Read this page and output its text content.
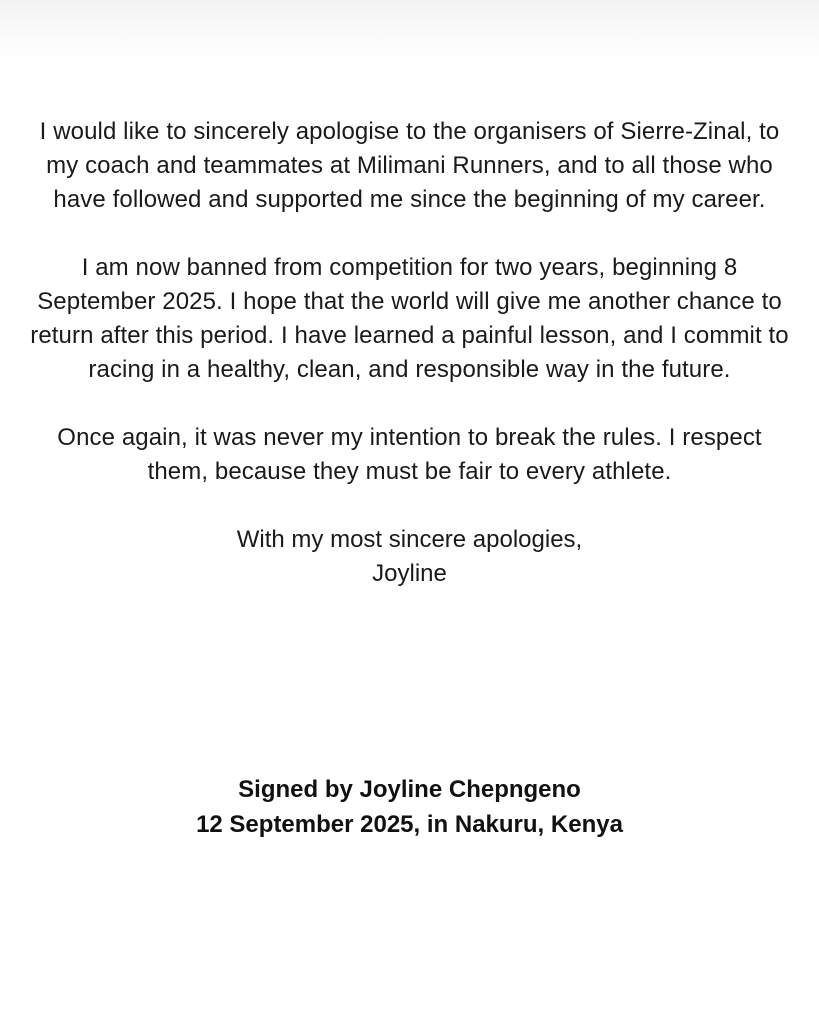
I would like to sincerely apologise to the organisers of Sierre-Zinal, to my coach and teammates at Milimani Runners, and to all those who have followed and supported me since the beginning of my career.

I am now banned from competition for two years, beginning 8 September 2025. I hope that the world will give me another chance to return after this period. I have learned a painful lesson, and I commit to racing in a healthy, clean, and responsible way in the future.

Once again, it was never my intention to break the rules. I respect them, because they must be fair to every athlete.

With my most sincere apologies,
Joyline

Signed by Joyline Chepngeno
12 September 2025, in Nakuru, Kenya
